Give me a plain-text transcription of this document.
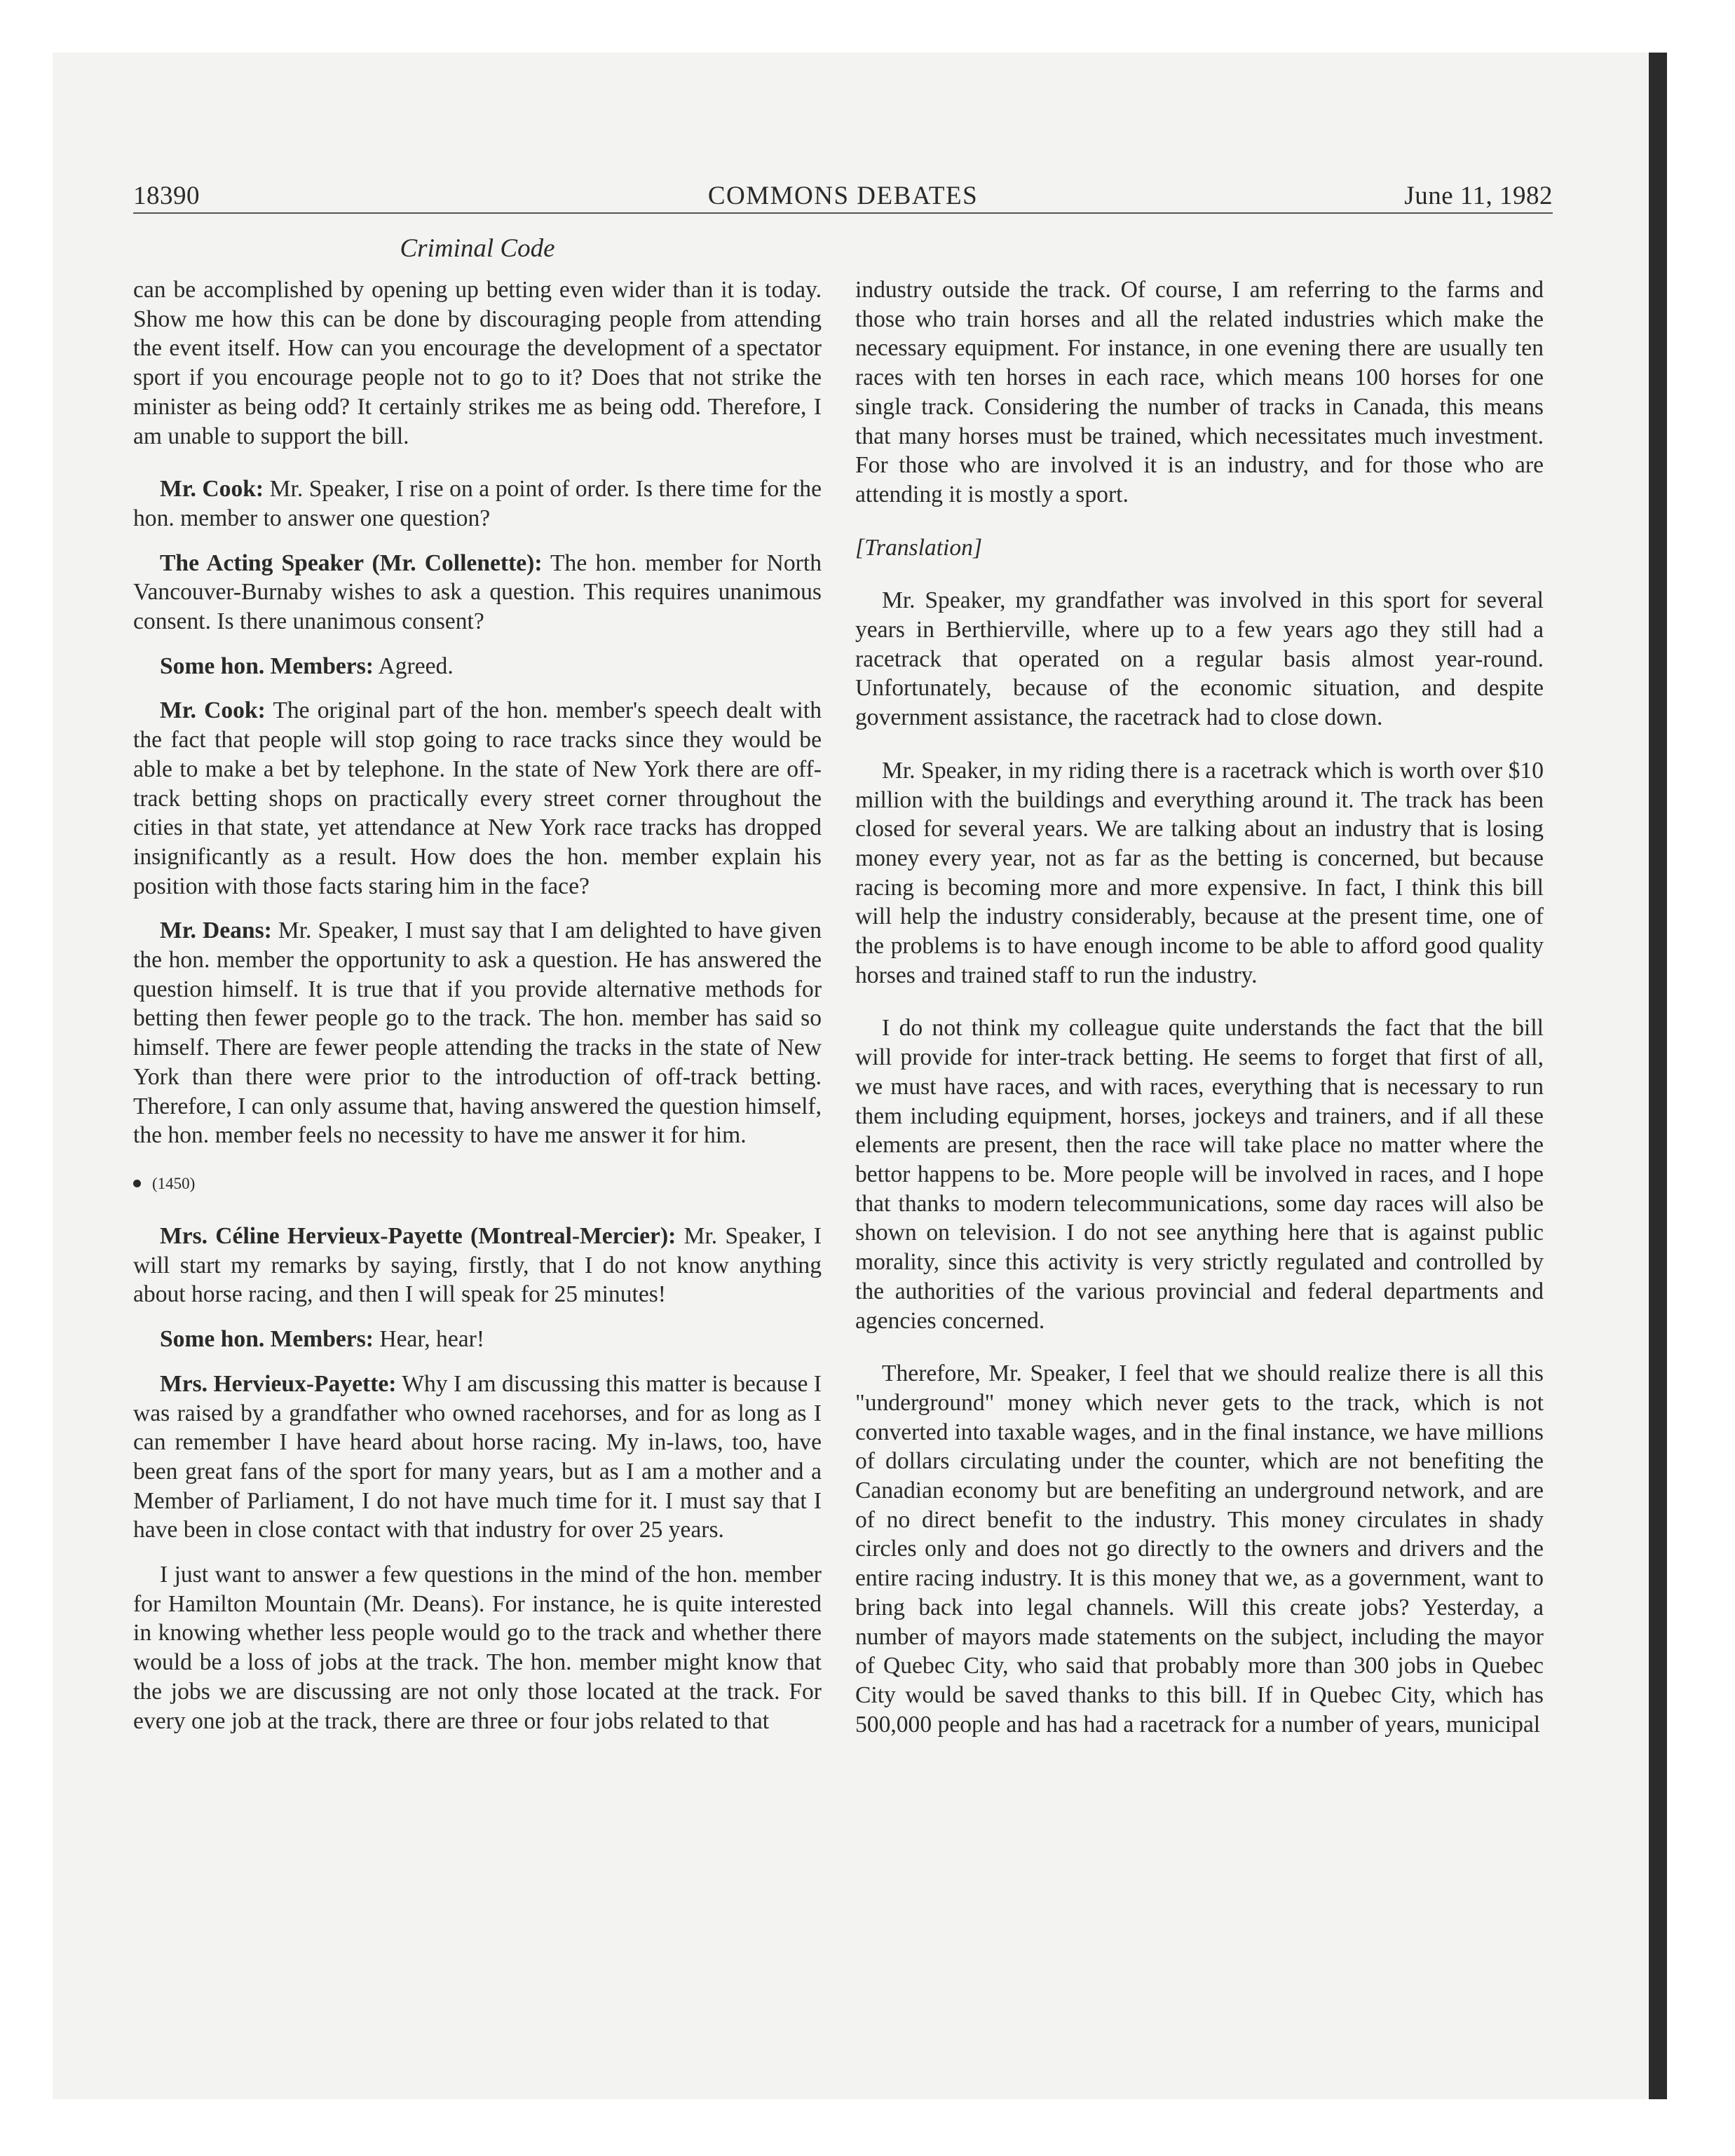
COMMONS DEBATES
18390	June 11, 1982
Criminal Code

can be accomplished by opening up betting even wider than it is today. Show me how this can be done by discouraging people from attending the event itself. How can you encourage the development of a spectator sport if you encourage people not to go to it? Does that not strike the minister as being odd? It certainly strikes me as being odd. Therefore, I am unable to support the bill.

Mr. Cook: Mr. Speaker, I rise on a point of order. Is there time for the hon. member to answer one question?

The Acting Speaker (Mr. Collenette): The hon. member for North Vancouver-Burnaby wishes to ask a question. This requires unanimous consent. Is there unanimous consent?

Some hon. Members: Agreed.

Mr. Cook: The original part of the hon. member's speech dealt with the fact that people will stop going to race tracks since they would be able to make a bet by telephone. In the state of New York there are off-track betting shops on practically every street corner throughout the cities in that state, yet attendance at New York race tracks has dropped insignificantly as a result. How does the hon. member explain his position with those facts staring him in the face?

Mr. Deans: Mr. Speaker, I must say that I am delighted to have given the hon. member the opportunity to ask a question. He has answered the question himself. It is true that if you provide alternative methods for betting then fewer people go to the track. The hon. member has said so himself. There are fewer people attending the tracks in the state of New York than there were prior to the introduction of off-track betting. Therefore, I can only assume that, having answered the question himself, the hon. member feels no necessity to have me answer it for him.

(1450)

Mrs. Céline Hervieux-Payette (Montreal-Mercier): Mr. Speaker, I will start my remarks by saying, firstly, that I do not know anything about horse racing, and then I will speak for 25 minutes!

Some hon. Members: Hear, hear!

Mrs. Hervieux-Payette: Why I am discussing this matter is because I was raised by a grandfather who owned racehorses, and for as long as I can remember I have heard about horse racing. My in-laws, too, have been great fans of the sport for many years, but as I am a mother and a Member of Parliament, I do not have much time for it. I must say that I have been in close contact with that industry for over 25 years.

I just want to answer a few questions in the mind of the hon. member for Hamilton Mountain (Mr. Deans). For instance, he is quite interested in knowing whether less people would go to the track and whether there would be a loss of jobs at the track. The hon. member might know that the jobs we are discussing are not only those located at the track. For every one job at the track, there are three or four jobs related to that

industry outside the track. Of course, I am referring to the farms and those who train horses and all the related industries which make the necessary equipment. For instance, in one evening there are usually ten races with ten horses in each race, which means 100 horses for one single track. Considering the number of tracks in Canada, this means that many horses must be trained, which necessitates much investment. For those who are involved it is an industry, and for those who are attending it is mostly a sport.

[Translation]

Mr. Speaker, my grandfather was involved in this sport for several years in Berthierville, where up to a few years ago they still had a racetrack that operated on a regular basis almost year-round. Unfortunately, because of the economic situation, and despite government assistance, the racetrack had to close down.

Mr. Speaker, in my riding there is a racetrack which is worth over $10 million with the buildings and everything around it. The track has been closed for several years. We are talking about an industry that is losing money every year, not as far as the betting is concerned, but because racing is becoming more and more expensive. In fact, I think this bill will help the industry considerably, because at the present time, one of the problems is to have enough income to be able to afford good quality horses and trained staff to run the industry.

I do not think my colleague quite understands the fact that the bill will provide for inter-track betting. He seems to forget that first of all, we must have races, and with races, everything that is necessary to run them including equipment, horses, jockeys and trainers, and if all these elements are present, then the race will take place no matter where the bettor happens to be. More people will be involved in races, and I hope that thanks to modern telecommunications, some day races will also be shown on television. I do not see anything here that is against public morality, since this activity is very strictly regulated and controlled by the authorities of the various provincial and federal departments and agencies concerned.

Therefore, Mr. Speaker, I feel that we should realize there is all this "underground" money which never gets to the track, which is not converted into taxable wages, and in the final instance, we have millions of dollars circulating under the counter, which are not benefiting the Canadian economy but are benefiting an underground network, and are of no direct benefit to the industry. This money circulates in shady circles only and does not go directly to the owners and drivers and the entire racing industry. It is this money that we, as a government, want to bring back into legal channels. Will this create jobs? Yesterday, a number of mayors made statements on the subject, including the mayor of Quebec City, who said that probably more than 300 jobs in Quebec City would be saved thanks to this bill. If in Quebec City, which has 500,000 people and has had a racetrack for a number of years, municipal
